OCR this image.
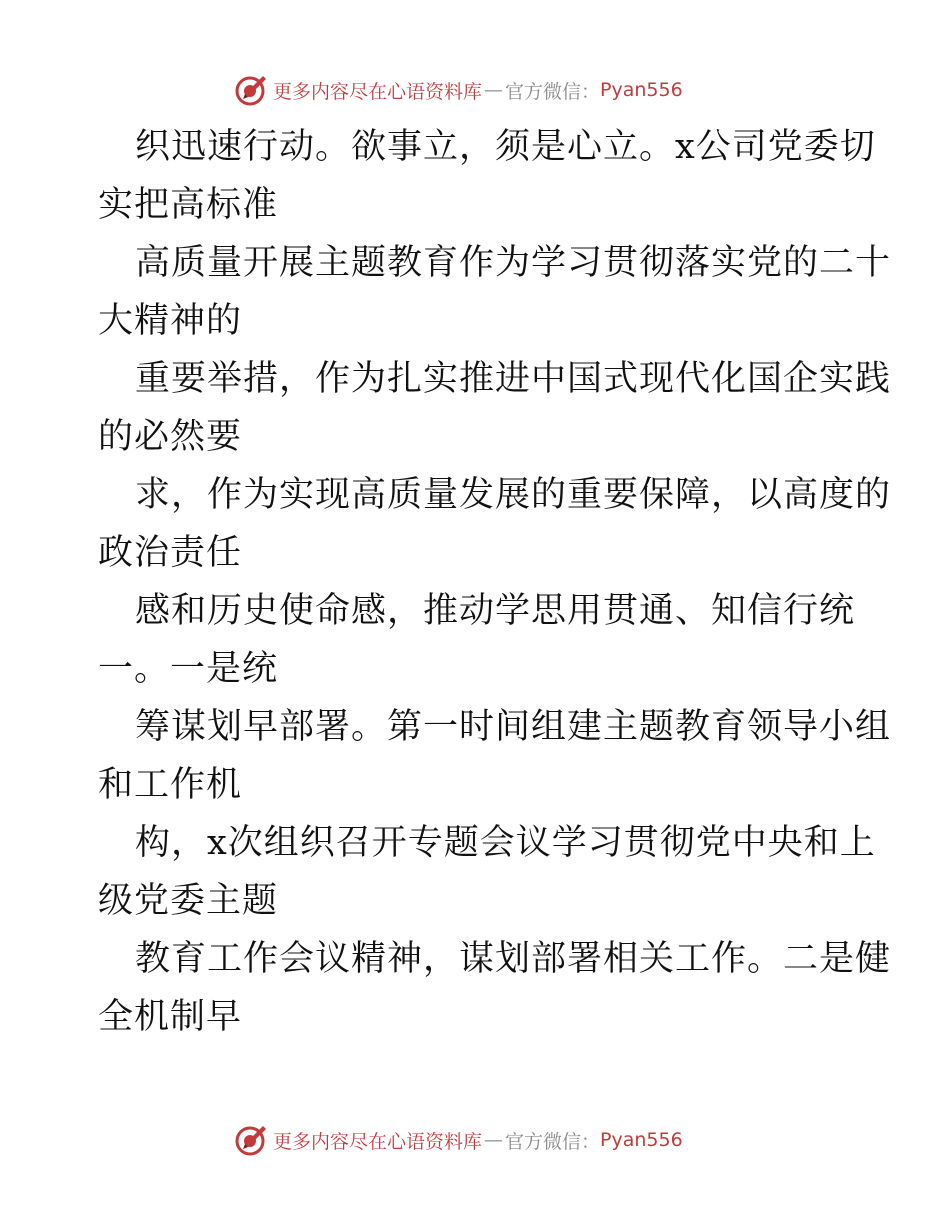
更多内容尽在心语资料库 — 官方微信： Pyan556
织迅速行动。欲事立，须是心立。x公司党委切
实把高标准
高质量开展主题教育作为学习贯彻落实党的二十
大精神的
重要举措，作为扎实推进中国式现代化国企实践
的必然要
求，作为实现高质量发展的重要保障，以高度的
政治责任
感和历史使命感，推动学思用贯通、知信行统
一。一是统
筹谋划早部署。第一时间组建主题教育领导小组
和工作机
构，x次组织召开专题会议学习贯彻党中央和上
级党委主题
教育工作会议精神，谋划部署相关工作。二是健
全机制早
更多内容尽在心语资料库 — 官方微信： Pyan556
